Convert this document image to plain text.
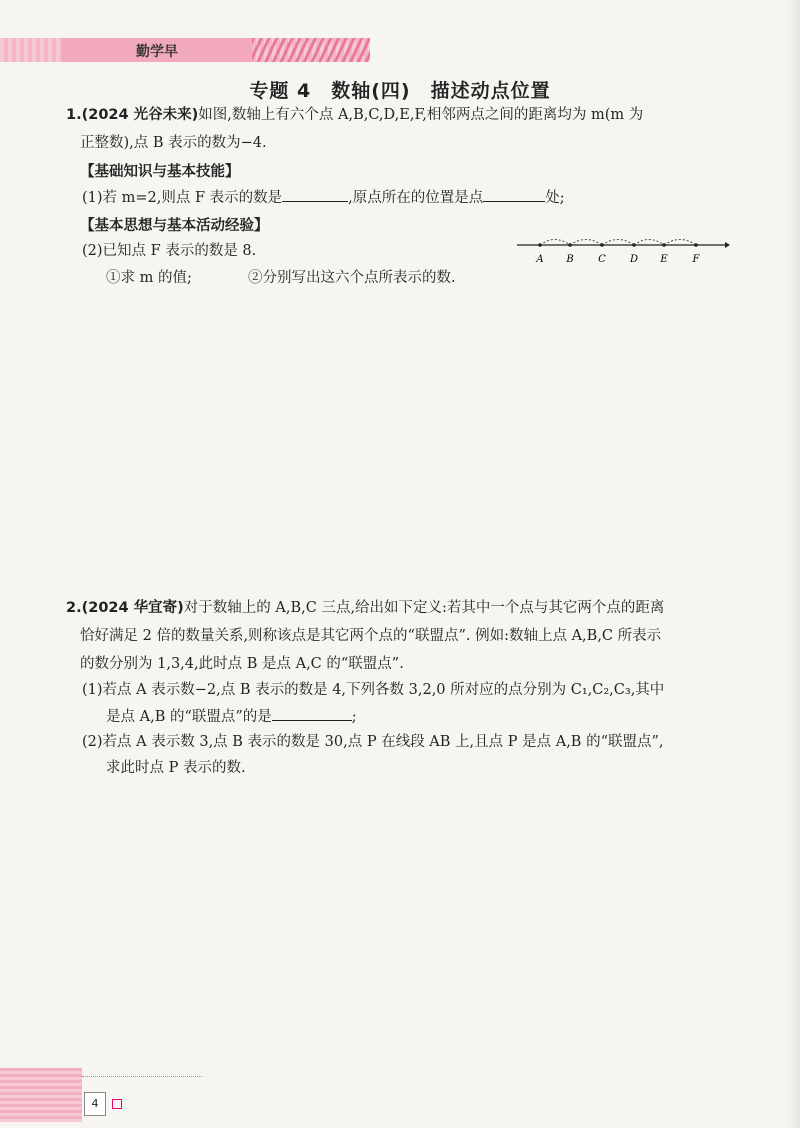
勤学早
专题 4　数轴(四)　描述动点位置
1.(2024 光谷未来)如图,数轴上有六个点 A,B,C,D,E,F,相邻两点之间的距离均为 m(m 为
正整数),点 B 表示的数为−4.
【基础知识与基本技能】
(1)若 m=2,则点 F 表示的数是	,原点所在的位置是点	处;
【基本思想与基本活动经验】
(2)已知点 F 表示的数是 8.
①求 m 的值;	②分别写出这六个点所表示的数.
A B C D E F
2.(2024 华宜寄)对于数轴上的 A,B,C 三点,给出如下定义:若其中一个点与其它两个点的距离
恰好满足 2 倍的数量关系,则称该点是其它两个点的“联盟点”. 例如:数轴上点 A,B,C 所表示
的数分别为 1,3,4,此时点 B 是点 A,C 的“联盟点”.
(1)若点 A 表示数−2,点 B 表示的数是 4,下列各数 3,2,0 所对应的点分别为 C₁,C₂,C₃,其中
是点 A,B 的“联盟点”的是	;
(2)若点 A 表示数 3,点 B 表示的数是 30,点 P 在线段 AB 上,且点 P 是点 A,B 的“联盟点”,
求此时点 P 表示的数.
4
